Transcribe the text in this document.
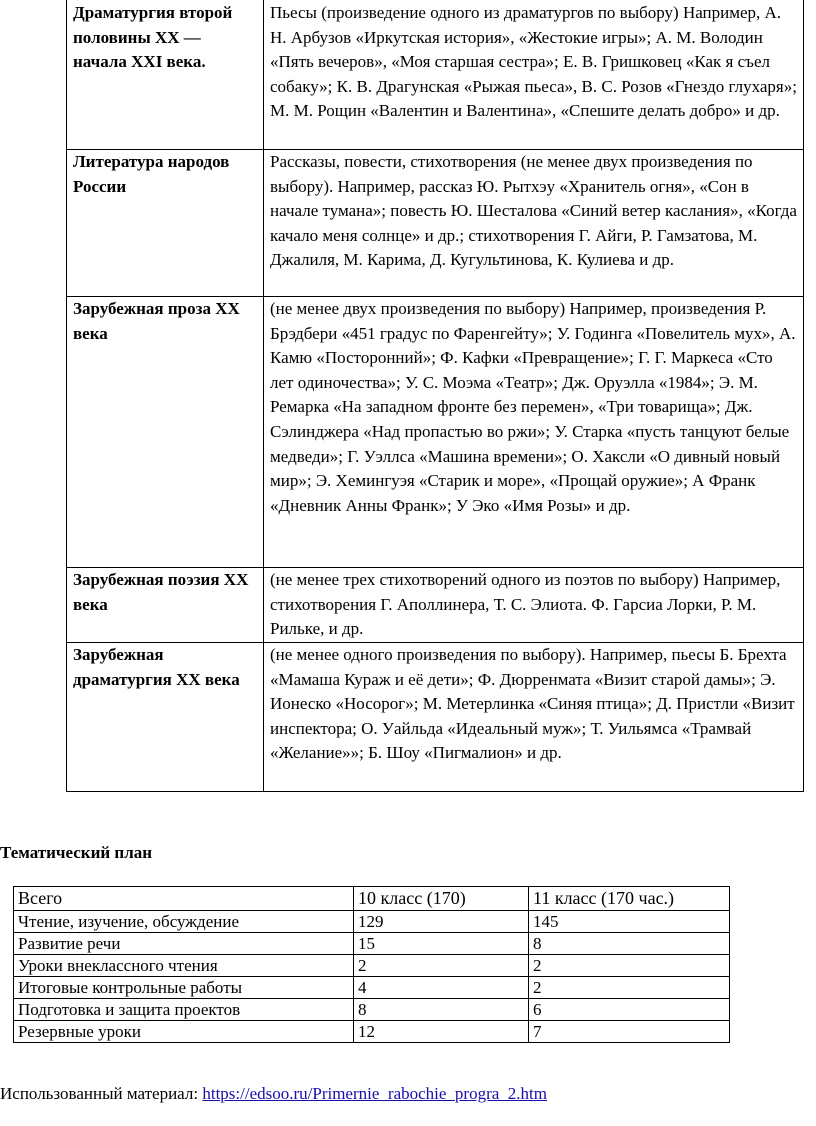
Драматургия второй половины ХХ — начала ХХI века.	Пьесы (произведение одного из драматургов по выбору) Например, А. Н. Арбузов «Иркутская история», «Жестокие игры»; А. М. Володин «Пять вечеров», «Моя старшая сестра»; Е. В. Гришковец «Как я съел собаку»; К. В. Драгунская «Рыжая пьеса», В. С. Розов «Гнездо глухаря»; М. М. Рощин «Валентин и Валентина», «Спешите делать добро» и др.
Литература народов России	Рассказы, повести, стихотворения (не менее двух произведения по выбору). Например, рассказ Ю. Рытхэу «Хранитель огня», «Сон в начале тумана»; повесть Ю. Шесталова «Синий ветер каслания», «Когда качало меня солнце» и др.; стихотворения Г. Айги, Р. Гамзатова, М. Джалиля, М. Карима, Д. Кугультинова, К. Кулиева и др.
Зарубежная проза ХХ века	(не менее двух произведения по выбору) Например, произведения Р. Брэдбери «451 градус по Фаренгейту»; У. Годинга «Повелитель мух», А. Камю «Посторонний»; Ф. Кафки «Превращение»; Г. Г. Маркеса «Сто лет одиночества»; У. С. Моэма «Театр»; Дж. Оруэлла «1984»; Э. М. Ремарка «На западном фронте без перемен», «Три товарища»; Дж. Сэлинджера «Над пропастью во ржи»; У. Старка «пусть танцуют белые медведи»; Г. Уэллса «Машина времени»; О. Хаксли «О дивный новый мир»; Э. Хемингуэя «Старик и море», «Прощай оружие»; А Франк «Дневник Анны Франк»; У Эко «Имя Розы» и др.
Зарубежная поэзия ХХ века	(не менее трех стихотворений одного из поэтов по выбору) Например, стихотворения Г. Аполлинера, Т. С. Элиота. Ф. Гарсиа Лорки, Р. М. Рильке, и др.
Зарубежная драматургия ХХ века	(не менее одного произведения по выбору). Например, пьесы Б. Брехта «Мамаша Кураж и её дети»; Ф. Дюрренмата «Визит старой дамы»; Э. Ионеско «Носорог»; М. Метерлинка «Синяя птица»; Д. Пристли «Визит инспектора; О. Уайльда «Идеальный муж»; Т. Уильямса «Трамвай «Желание»»; Б. Шоу «Пигмалион» и др.
Тематический план
Всего	10 класс (170)	11 класс (170 час.)
Чтение, изучение, обсуждение	129	145
Развитие речи	15	8
Уроки внеклассного чтения	2	2
Итоговые контрольные работы	4	2
Подготовка и защита проектов	8	6
Резервные уроки	12	7
Использованный материал: https://edsoo.ru/Primernie_rabochie_progra_2.htm
